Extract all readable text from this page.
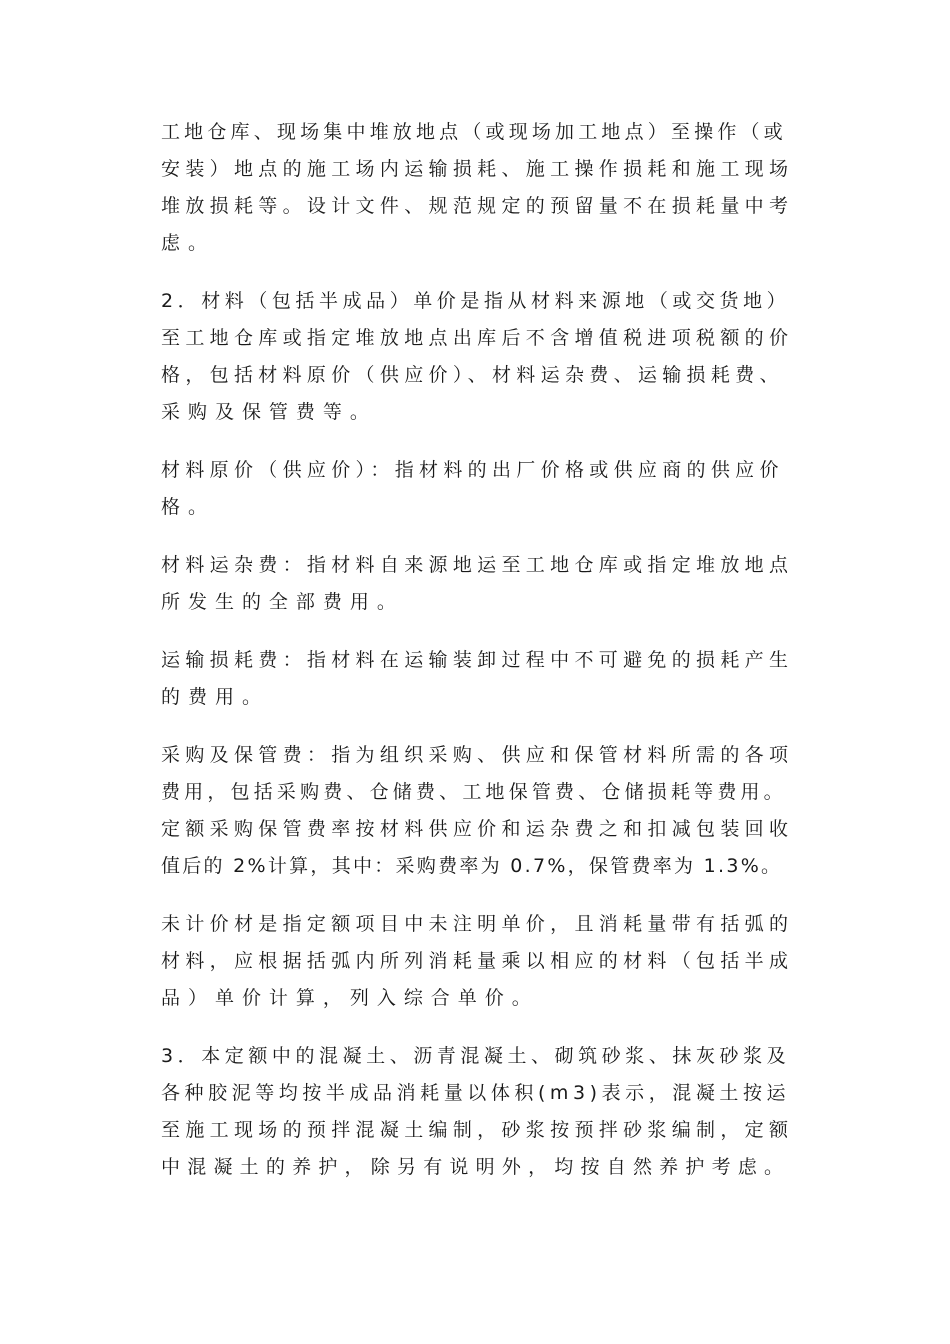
工地仓库、现场集中堆放地点（或现场加工地点）至操作（或
安装）地点的施工场内运输损耗、施工操作损耗和施工现场
堆放损耗等。设计文件、规范规定的预留量不在损耗量中考
虑。
2．材料（包括半成品）单价是指从材料来源地（或交货地）
至工地仓库或指定堆放地点出库后不含增值税进项税额的价
格，包括材料原价（供应价）、材料运杂费、运输损耗费、
采购及保管费等。
材料原价（供应价）：指材料的出厂价格或供应商的供应价
格。
材料运杂费：指材料自来源地运至工地仓库或指定堆放地点
所发生的全部费用。
运输损耗费：指材料在运输装卸过程中不可避免的损耗产生
的费用。
采购及保管费：指为组织采购、供应和保管材料所需的各项
费用，包括采购费、仓储费、工地保管费、仓储损耗等费用。
定额采购保管费率按材料供应价和运杂费之和扣减包装回收
值后的 2%计算，其中：采购费率为 0.7%，保管费率为 1.3%。
未计价材是指定额项目中未注明单价，且消耗量带有括弧的
材料，应根据括弧内所列消耗量乘以相应的材料（包括半成
品）单价计算，列入综合单价。
3．本定额中的混凝土、沥青混凝土、砌筑砂浆、抹灰砂浆及
各种胶泥等均按半成品消耗量以体积(m3)表示，混凝土按运
至施工现场的预拌混凝土编制，砂浆按预拌砂浆编制，定额
中混凝土的养护，除另有说明外，均按自然养护考虑。
